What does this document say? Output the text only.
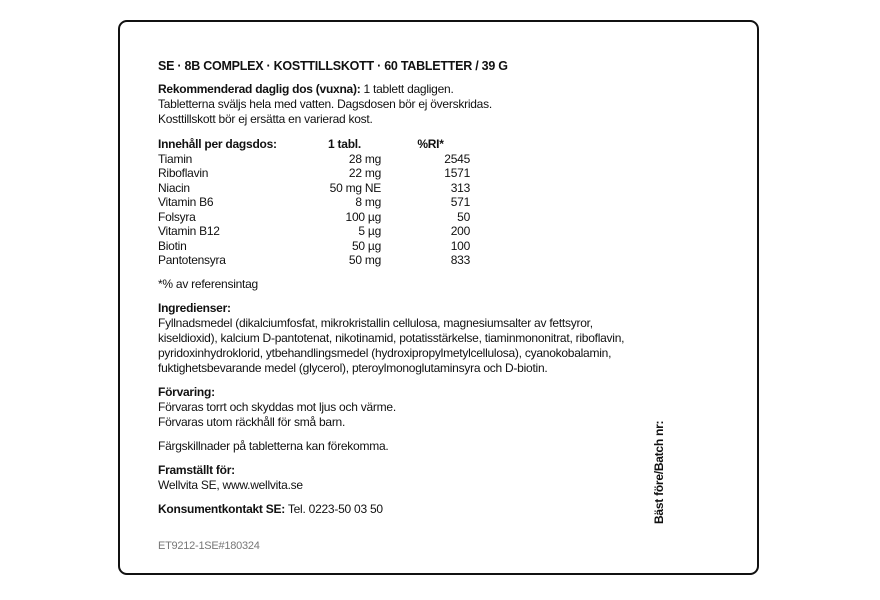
SE · 8B COMPLEX · KOSTTILLSKOTT · 60 TABLETTER / 39 G

Rekommenderad daglig dos (vuxna): 1 tablett dagligen.

Tabletterna sväljs hela med vatten. Dagsdosen bör ej överskridas.

Kosttillskott bör ej ersätta en varierad kost.

Innehåll per dagsdos:	1 tabl.	%RI*
Tiamin	28 mg	2545
Riboflavin	22 mg	1571
Niacin	50 mg NE	313
Vitamin B6	8 mg	571
Folsyra	100 µg	50
Vitamin B12	5 µg	200
Biotin	50 µg	100
Pantotensyra	50 mg	833

*% av referensintag

Ingredienser:

Fyllnadsmedel (dikalciumfosfat, mikrokristallin cellulosa, magnesiumsalter av fettsyror,

kiseldioxid), kalcium D-pantotenat, nikotinamid, potatisstärkelse, tiaminmononitrat, riboflavin,

pyridoxinhydroklorid, ytbehandlingsmedel (hydroxipropylmetylcellulosa), cyanokobalamin,

fuktighetsbevarande medel (glycerol), pteroylmonoglutaminsyra och D-biotin.

Förvaring:

Förvaras torrt och skyddas mot ljus och värme.

Förvaras utom räckhåll för små barn.

Färgskillnader på tabletterna kan förekomma.

Framställt för:

Wellvita SE, www.wellvita.se

Konsumentkontakt SE: Tel. 0223-50 03 50

ET9212-1SE#180324

Bäst före/Batch nr:
